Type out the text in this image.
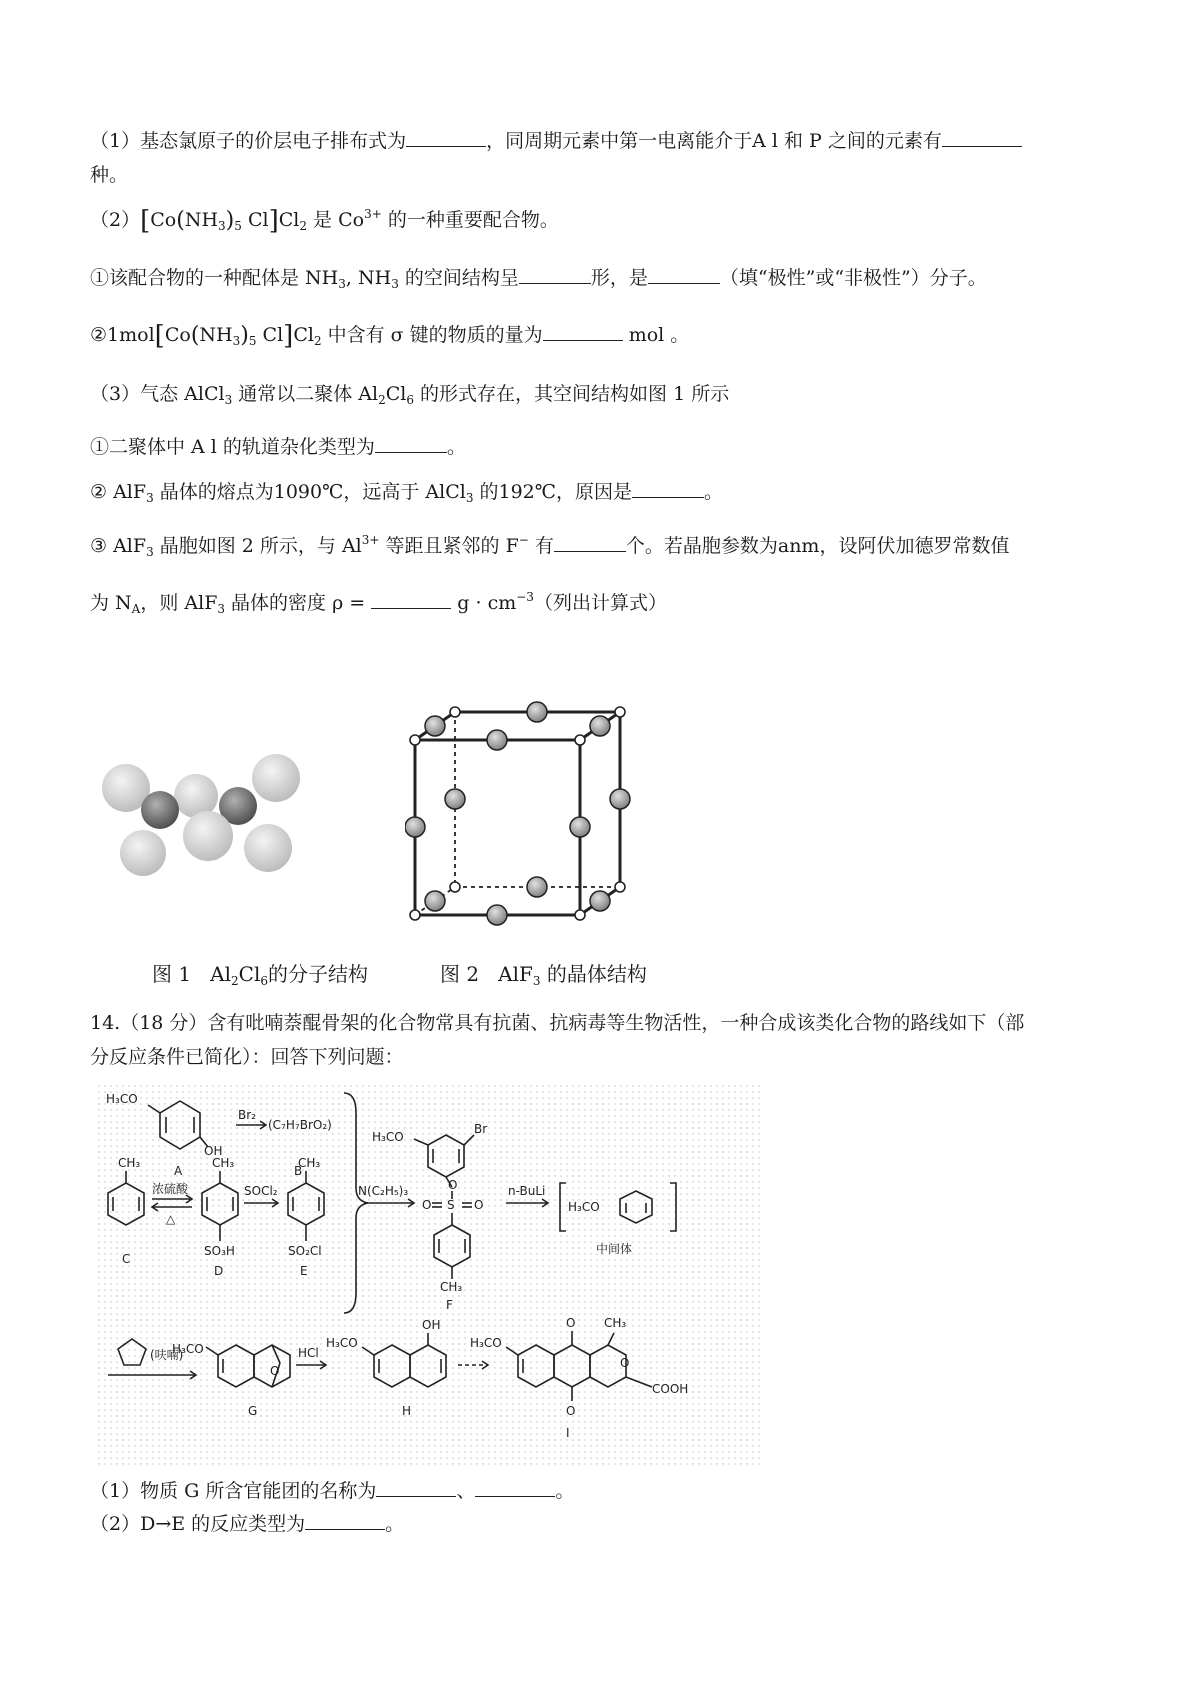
（1）基态氯原子的价层电子排布式为	，同周期元素中第一电离能介于A l 和 P 之间的元素有
种。
$(2)[Co(NH_3)_5$ $Cl]Cl_2$ 是 $Co^{3+}$ 的一种重要配合物。
①该配合物的一种配体是 $NH_3$, $NH_3$ 的空间结构呈	形，是	（填“极性”或“非极性”）分子。
$②1mol[Co(NH_3)_5$ $Cl]Cl_2$ 中含有 σ 键的物质的量为	mol 。
（3）气态 AlCl$_3$ 通常以二聚体 $Al_2Cl_6$ 的形式存在，其空间结构如图 1 所示
①二聚体中 A l 的轨道杂化类型为	。
② AlF$_3$ 晶体的熔点为1090℃，远高于 AlCl$_3$ 的192℃，原因是	。
③ AlF$_3$ 晶胞如图 2 所示，与 $Al^{3+}$ 等距且紧邻的 F− 有	个。若晶胞参数为anm，设阿伏加德罗常数值
为 $N_A$，则 AlF$_3$ 晶体的密度 ρ =	$g \cdot cm^{-3}$（列出计算式）
图 1 $Al_2Cl_6$的分子结构	图 2 AlF$_3$ 的晶体结构
14.（18 分）含有吡喃萘醌骨架的化合物常具有抗菌、抗病毒等生物活性，一种合成该类化合物的路线如下（部
分反应条件已简化）：回答下列问题：
H₃CO
OH
A
Br₂
(C₇H₇BrO₂)
B
CH₃
C
浓硫酸
△
CH₃
SO₃H
D
SOCl₂
CH₃
SO₂Cl
E
N(C₂H₅)₃
H₃CO
Br
O
O S O
CH₃
F
n-BuLi
H₃CO
中间体
(呋喃)
H₃CO
O
G
HCl
H₃CO
OH
H
H₃CO
O
O
CH₃
O
COOH
I
（1）物质 G 所含官能团的名称为	、	。
（2）D→E 的反应类型为	。
